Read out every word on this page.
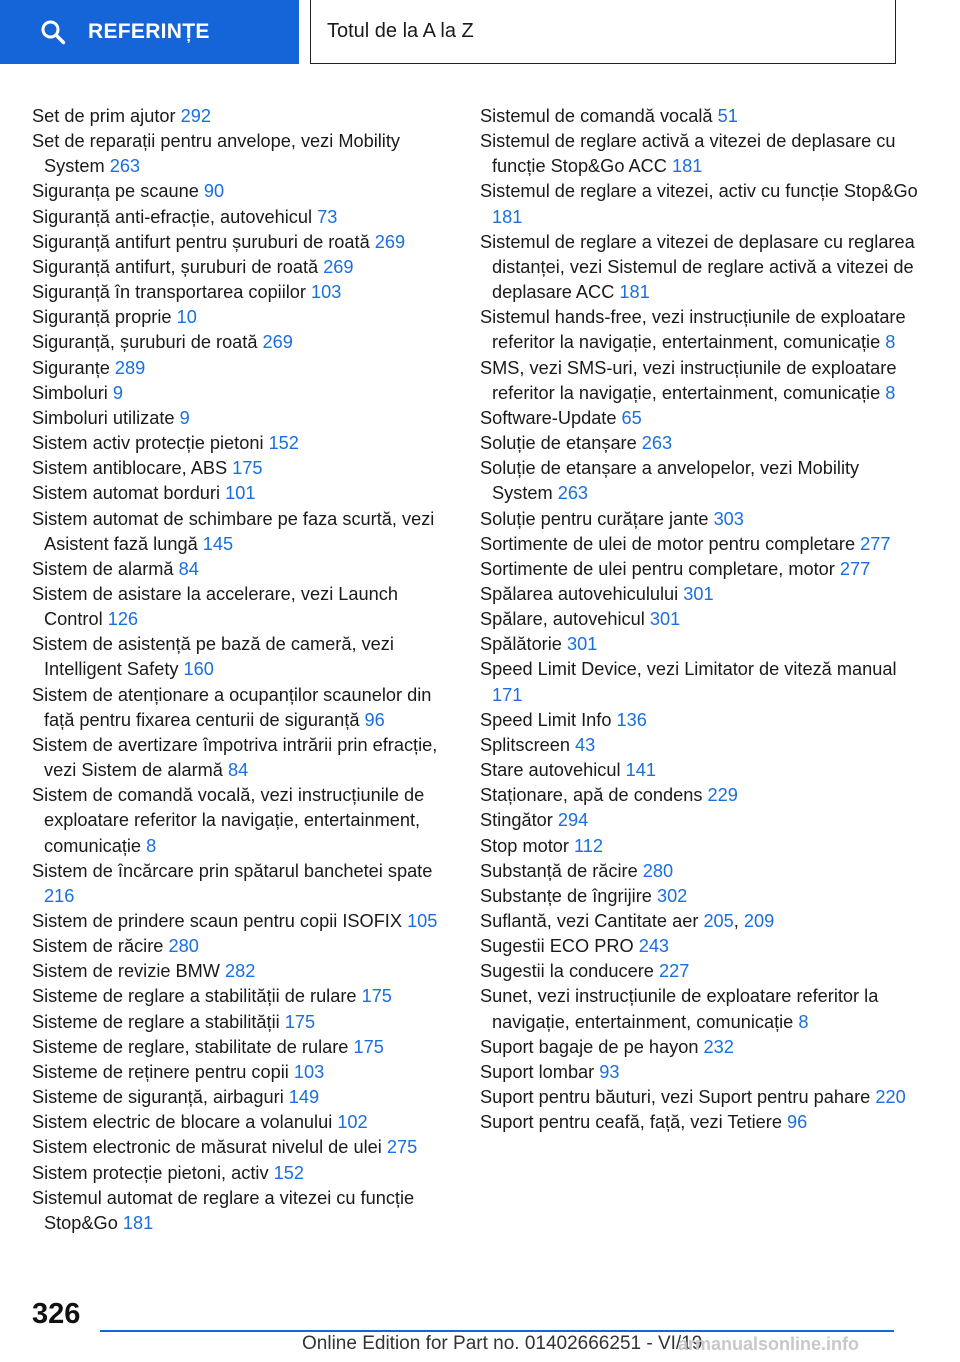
REFERINȚE	Totul de la A la Z
Set de prim ajutor 292
Set de reparații pentru anvelope, vezi Mobility System 263
Siguranța pe scaune 90
Siguranță anti-efracție, autovehicul 73
Siguranță antifurt pentru șuruburi de roată 269
Siguranță antifurt, șuruburi de roată 269
Siguranță în transportarea copiilor 103
Siguranță proprie 10
Siguranță, șuruburi de roată 269
Siguranțe 289
Simboluri 9
Simboluri utilizate 9
Sistem activ protecție pietoni 152
Sistem antiblocare, ABS 175
Sistem automat borduri 101
Sistem automat de schimbare pe faza scurtă, vezi Asistent fază lungă 145
Sistem de alarmă 84
Sistem de asistare la accelerare, vezi Launch Control 126
Sistem de asistență pe bază de cameră, vezi Intelligent Safety 160
Sistem de atenționare a ocupanților scaunelor din față pentru fixarea centurii de siguranță 96
Sistem de avertizare împotriva intrării prin efracție, vezi Sistem de alarmă 84
Sistem de comandă vocală, vezi instrucțiunile de exploatare referitor la navigație, entertainment, comunicație 8
Sistem de încărcare prin spătarul banchetei spate 216
Sistem de prindere scaun pentru copii ISOFIX 105
Sistem de răcire 280
Sistem de revizie BMW 282
Sisteme de reglare a stabilității de rulare 175
Sisteme de reglare a stabilității 175
Sisteme de reglare, stabilitate de rulare 175
Sisteme de reținere pentru copii 103
Sisteme de siguranță, airbaguri 149
Sistem electric de blocare a volanului 102
Sistem electronic de măsurat nivelul de ulei 275
Sistem protecție pietoni, activ 152
Sistemul automat de reglare a vitezei cu funcție Stop&Go 181
Sistemul de comandă vocală 51
Sistemul de reglare activă a vitezei de deplasare cu funcție Stop&Go ACC 181
Sistemul de reglare a vitezei, activ cu funcție Stop&Go 181
Sistemul de reglare a vitezei de deplasare cu reglarea distanței, vezi Sistemul de reglare activă a vitezei de deplasare ACC 181
Sistemul hands-free, vezi instrucțiunile de exploatare referitor la navigație, entertainment, comunicație 8
SMS, vezi SMS-uri, vezi instrucțiunile de exploatare referitor la navigație, entertainment, comunicație 8
Software-Update 65
Soluție de etanșare 263
Soluție de etanșare a anvelopelor, vezi Mobility System 263
Soluție pentru curățare jante 303
Sortimente de ulei de motor pentru completare 277
Sortimente de ulei pentru completare, motor 277
Spălarea autovehiculului 301
Spălare, autovehicul 301
Spălătorie 301
Speed Limit Device, vezi Limitator de viteză manual 171
Speed Limit Info 136
Splitscreen 43
Stare autovehicul 141
Staționare, apă de condens 229
Stingător 294
Stop motor 112
Substanță de răcire 280
Substanțe de îngrijire 302
Suflantă, vezi Cantitate aer 205, 209
Sugestii ECO PRO 243
Sugestii la conducere 227
Sunet, vezi instrucțiunile de exploatare referitor la navigație, entertainment, comunicație 8
Suport bagaje de pe hayon 232
Suport lombar 93
Suport pentru băuturi, vezi Suport pentru pahare 220
Suport pentru ceafă, față, vezi Tetiere 96
326
Online Edition for Part no. 01402666251 - VI/19
armanualsonline.info
